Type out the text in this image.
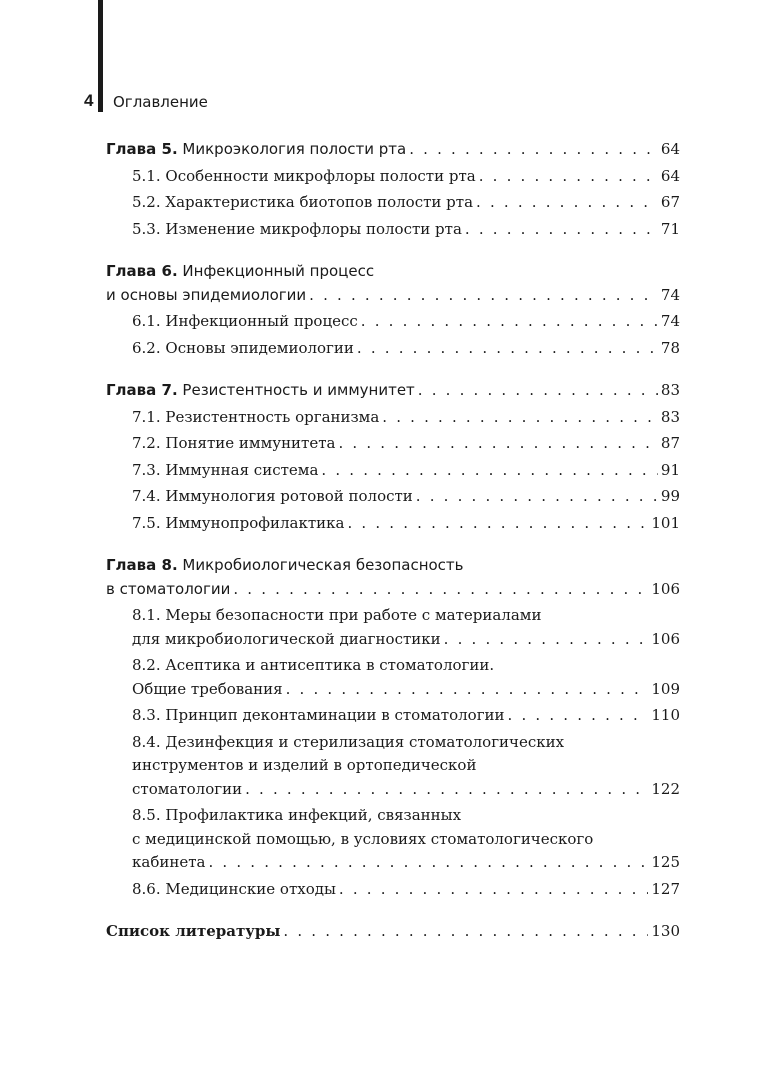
4 Оглавление
Глава 5. Микроэкология полости рта . . .	64
5.1. Особенности микрофлоры полости рта . . .	64
5.2. Характеристика биотопов полости рта . . .	67
5.3. Изменение микрофлоры полости рта . . .	71
Глава 6. Инфекционный процесс
и основы эпидемиологии . . .	74
6.1. Инфекционный процесс . . .	74
6.2. Основы эпидемиологии . . .	78
Глава 7. Резистентность и иммунитет . . .	83
7.1. Резистентность организма . . .	83
7.2. Понятие иммунитета . . .	87
7.3. Иммунная система . . .	91
7.4. Иммунология ротовой полости . . .	99
7.5. Иммунопрофилактика . . .	101
Глава 8. Микробиологическая безопасность
в стоматологии . . .	106
8.1. Меры безопасности при работе с материалами
для микробиологической диагностики . . .	106
8.2. Асептика и антисептика в стоматологии.
Общие требования . . .	109
8.3. Принцип деконтаминации в стоматологии . . .	110
8.4. Дезинфекция и стерилизация стоматологических
инструментов и изделий в ортопедической
стоматологии . . .	122
8.5. Профилактика инфекций, связанных
с медицинской помощью, в условиях стоматологического
кабинета . . .	125
8.6. Медицинские отходы . . .	127
Список литературы . . .	130
